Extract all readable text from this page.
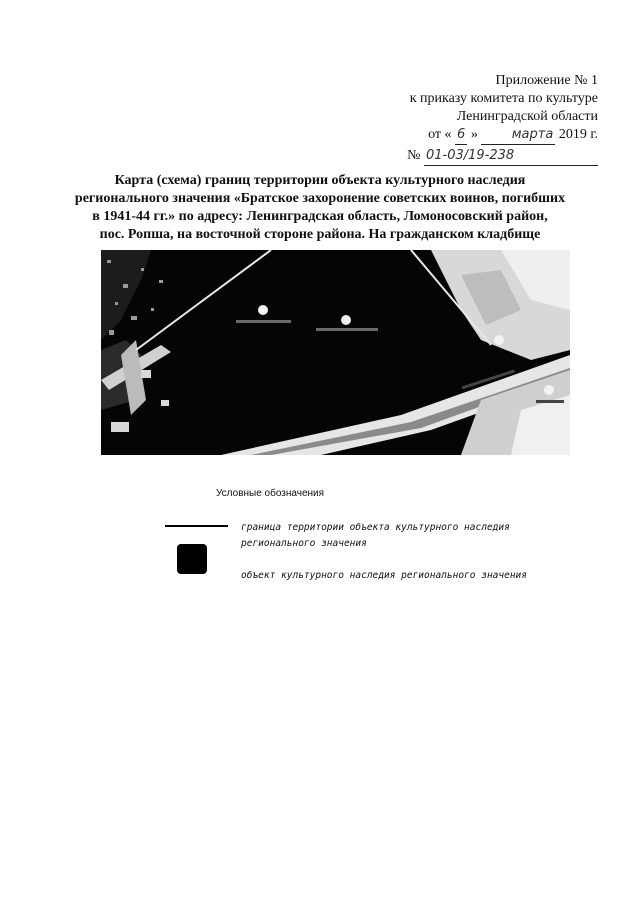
Приложение № 1
к приказу комитета по культуре
Ленинградской области
от « 6 »	марта 2019 г.
№ 01-03/19-238
Карта (схема) границ территории объекта культурного наследия
регионального значения «Братское захоронение советских воинов, погибших
в 1941-44 гг.» по адресу: Ленинградская область, Ломоносовский район,
пос. Ропша, на восточной стороне района. На гражданском кладбище
Условные обозначения
граница территории объекта культурного наследия
регионального значения
объект культурного наследия регионального значения
